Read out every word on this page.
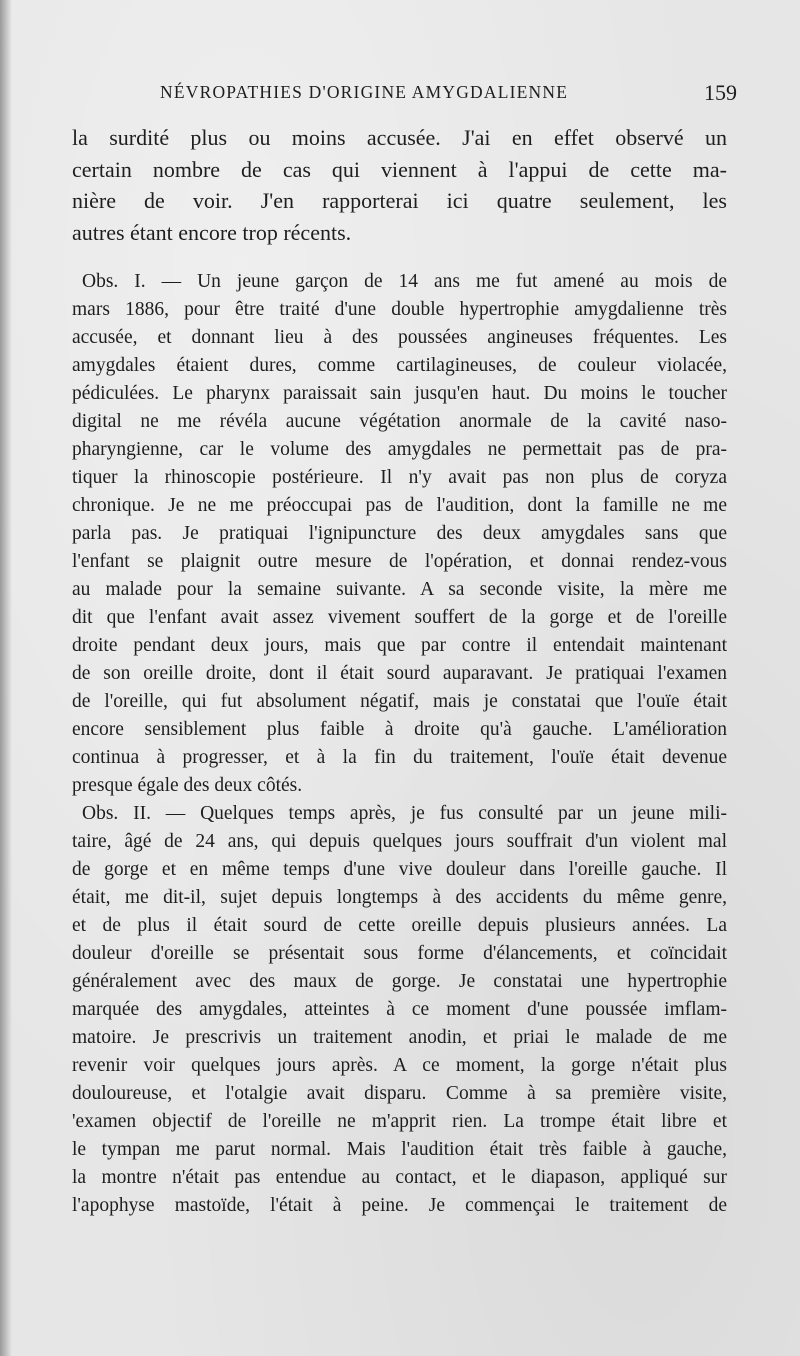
NÉVROPATHIES D'ORIGINE AMYGDALIENNE	159
la surdité plus ou moins accusée. J'ai en effet observé un
certain nombre de cas qui viennent à l'appui de cette ma-
nière de voir. J'en rapporterai ici quatre seulement, les
autres étant encore trop récents.
Obs. I. — Un jeune garçon de 14 ans me fut amené au mois de
mars 1886, pour être traité d'une double hypertrophie amygdalienne très
accusée, et donnant lieu à des poussées angineuses fréquentes. Les
amygdales étaient dures, comme cartilagineuses, de couleur violacée,
pédiculées. Le pharynx paraissait sain jusqu'en haut. Du moins le toucher
digital ne me révéla aucune végétation anormale de la cavité naso-
pharyngienne, car le volume des amygdales ne permettait pas de pra-
tiquer la rhinoscopie postérieure. Il n'y avait pas non plus de coryza
chronique. Je ne me préoccupai pas de l'audition, dont la famille ne me
parla pas. Je pratiquai l'ignipuncture des deux amygdales sans que
l'enfant se plaignit outre mesure de l'opération, et donnai rendez-vous
au malade pour la semaine suivante. A sa seconde visite, la mère me
dit que l'enfant avait assez vivement souffert de la gorge et de l'oreille
droite pendant deux jours, mais que par contre il entendait maintenant
de son oreille droite, dont il était sourd auparavant. Je pratiquai l'examen
de l'oreille, qui fut absolument négatif, mais je constatai que l'ouïe était
encore sensiblement plus faible à droite qu'à gauche. L'amélioration
continua à progresser, et à la fin du traitement, l'ouïe était devenue
presque égale des deux côtés.
Obs. II. — Quelques temps après, je fus consulté par un jeune mili-
taire, âgé de 24 ans, qui depuis quelques jours souffrait d'un violent mal
de gorge et en même temps d'une vive douleur dans l'oreille gauche. Il
était, me dit-il, sujet depuis longtemps à des accidents du même genre,
et de plus il était sourd de cette oreille depuis plusieurs années. La
douleur d'oreille se présentait sous forme d'élancements, et coïncidait
généralement avec des maux de gorge. Je constatai une hypertrophie
marquée des amygdales, atteintes à ce moment d'une poussée imflam-
matoire. Je prescrivis un traitement anodin, et priai le malade de me
revenir voir quelques jours après. A ce moment, la gorge n'était plus
douloureuse, et l'otalgie avait disparu. Comme à sa première visite,
'examen objectif de l'oreille ne m'apprit rien. La trompe était libre et
le tympan me parut normal. Mais l'audition était très faible à gauche,
la montre n'était pas entendue au contact, et le diapason, appliqué sur
l'apophyse mastoïde, l'était à peine. Je commençai le traitement de
